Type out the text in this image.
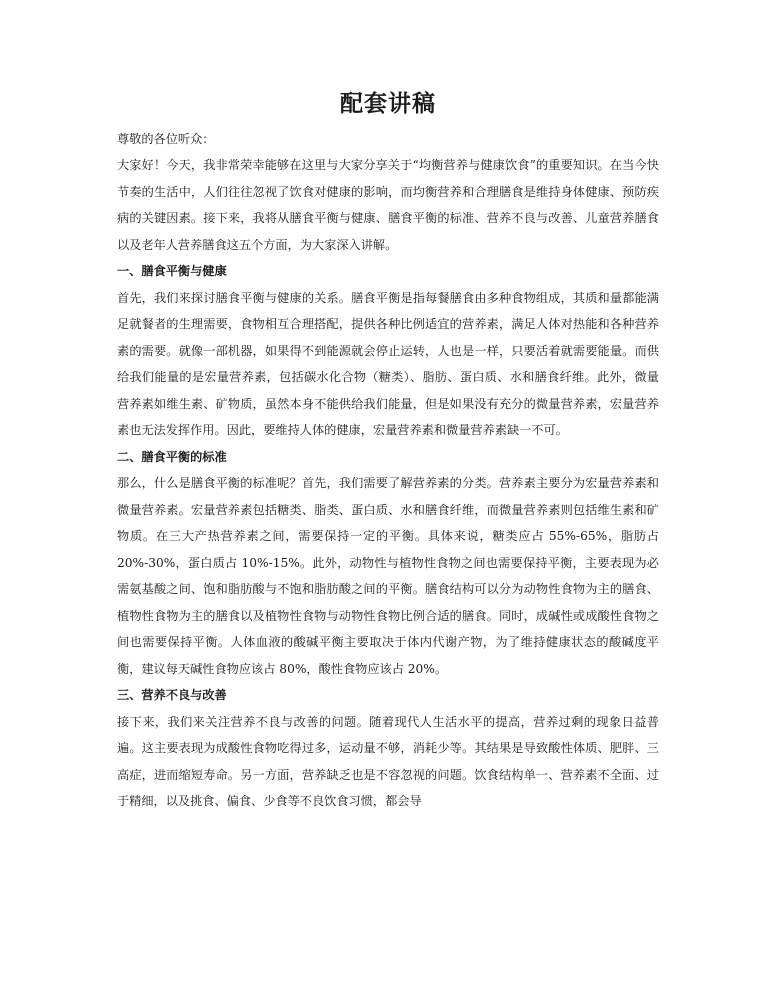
配套讲稿

尊敬的各位听众：

大家好！今天，我非常荣幸能够在这里与大家分享关于“均衡营养与健康饮食”的重要知识。在当今快节奏的生活中，人们往往忽视了饮食对健康的影响，而均衡营养和合理膳食是维持身体健康、预防疾病的关键因素。接下来，我将从膳食平衡与健康、膳食平衡的标准、营养不良与改善、儿童营养膳食以及老年人营养膳食这五个方面，为大家深入讲解。

一、膳食平衡与健康

首先，我们来探讨膳食平衡与健康的关系。膳食平衡是指每餐膳食由多种食物组成，其质和量都能满足就餐者的生理需要，食物相互合理搭配，提供各种比例适宜的营养素，满足人体对热能和各种营养素的需要。就像一部机器，如果得不到能源就会停止运转，人也是一样，只要活着就需要能量。而供给我们能量的是宏量营养素，包括碳水化合物（糖类）、脂肪、蛋白质、水和膳食纤维。此外，微量营养素如维生素、矿物质，虽然本身不能供给我们能量，但是如果没有充分的微量营养素，宏量营养素也无法发挥作用。因此，要维持人体的健康，宏量营养素和微量营养素缺一不可。

二、膳食平衡的标准

那么，什么是膳食平衡的标准呢？首先，我们需要了解营养素的分类。营养素主要分为宏量营养素和微量营养素。宏量营养素包括糖类、脂类、蛋白质、水和膳食纤维，而微量营养素则包括维生素和矿物质。在三大产热营养素之间，需要保持一定的平衡。具体来说，糖类应占 55%-65%，脂肪占 20%-30%，蛋白质占 10%-15%。此外，动物性与植物性食物之间也需要保持平衡，主要表现为必需氨基酸之间、饱和脂肪酸与不饱和脂肪酸之间的平衡。膳食结构可以分为动物性食物为主的膳食、植物性食物为主的膳食以及植物性食物与动物性食物比例合适的膳食。同时，成碱性或成酸性食物之间也需要保持平衡。人体血液的酸碱平衡主要取决于体内代谢产物，为了维持健康状态的酸碱度平衡，建议每天碱性食物应该占 80%，酸性食物应该占 20%。

三、营养不良与改善

接下来，我们来关注营养不良与改善的问题。随着现代人生活水平的提高，营养过剩的现象日益普遍。这主要表现为成酸性食物吃得过多，运动量不够，消耗少等。其结果是导致酸性体质、肥胖、三高症，进而缩短寿命。另一方面，营养缺乏也是不容忽视的问题。饮食结构单一、营养素不全面、过于精细，以及挑食、偏食、少食等不良饮食习惯，都会导
